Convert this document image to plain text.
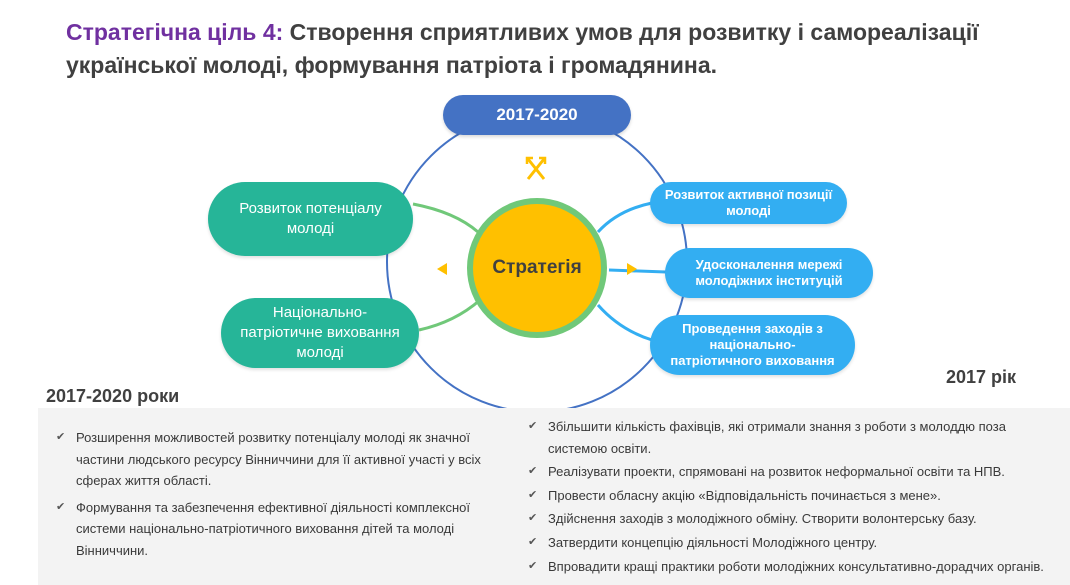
Стратегічна ціль 4: Створення сприятливих умов для розвитку і самореалізації української молоді, формування патріота і громадянина.
2017-2020
Стратегія
Розвиток потенціалу молоді
Національно-патріотичне виховання молоді
Розвиток активної позиції молоді
Удосконалення мережі молодіжних інституцій
Проведення заходів з національно-патріотичного виховання
2017-2020 роки
2017 рік
✔ Розширення можливостей розвитку потенціалу молоді як значної частини людського ресурсу Вінниччини для її активної участі у всіх сферах життя області.
✔ Формування та забезпечення ефективної діяльності комплексної системи національно-патріотичного виховання дітей та молоді Вінниччини.
✔ Збільшити кількість фахівців, які отримали знання з роботи з молоддю поза системою освіти.
✔ Реалізувати проекти, спрямовані на розвиток неформальної освіти та НПВ.
✔ Провести обласну акцію «Відповідальність починається з мене».
✔ Здійснення заходів з молодіжного обміну. Створити волонтерську базу.
✔ Затвердити концепцію діяльності Молодіжного центру.
✔ Впровадити кращі практики роботи молодіжних консультативно-дорадчих органів.
